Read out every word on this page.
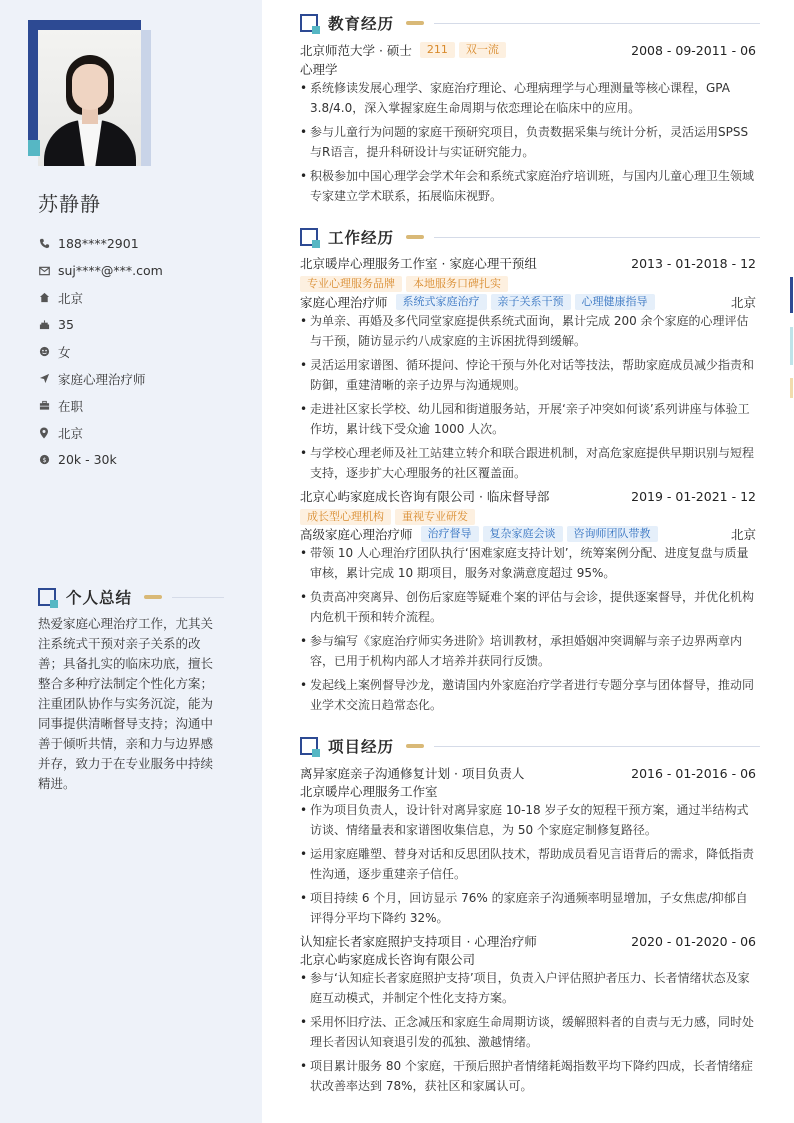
苏静静
188****2901
suj****@***.com
北京
35
女
家庭心理治疗师
在职
北京
$ 20k - 30k
个人总结
热爱家庭心理治疗工作，尤其关注系统式干预对亲子关系的改善；具备扎实的临床功底，擅长整合多种疗法制定个性化方案；注重团队协作与实务沉淀，能为同事提供清晰督导支持；沟通中善于倾听共情，亲和力与边界感并存，致力于在专业服务中持续精进。
教育经历
北京师范大学 · 硕士	211	双一流	2008 - 09-2011 - 06
心理学
• 系统修读发展心理学、家庭治疗理论、心理病理学与心理测量等核心课程，GPA 3.8/4.0，深入掌握家庭生命周期与依恋理论在临床中的应用。
• 参与儿童行为问题的家庭干预研究项目，负责数据采集与统计分析，灵活运用SPSS与R语言，提升科研设计与实证研究能力。
• 积极参加中国心理学会学术年会和系统式家庭治疗培训班，与国内儿童心理卫生领域专家建立学术联系，拓展临床视野。
工作经历
北京暖岸心理服务工作室 · 家庭心理干预组	2013 - 01-2018 - 12
专业心理服务品牌	本地服务口碑扎实
家庭心理治疗师	系统式家庭治疗	亲子关系干预	心理健康指导	北京
• 为单亲、再婚及多代同堂家庭提供系统式面询，累计完成 200 余个家庭的心理评估与干预，随访显示约八成家庭的主诉困扰得到缓解。
• 灵活运用家谱图、循环提问、悖论干预与外化对话等技法，帮助家庭成员减少指责和防御，重建清晰的亲子边界与沟通规则。
• 走进社区家长学校、幼儿园和街道服务站，开展‘亲子冲突如何谈’系列讲座与体验工作坊，累计线下受众逾 1000 人次。
• 与学校心理老师及社工站建立转介和联合跟进机制，对高危家庭提供早期识别与短程支持，逐步扩大心理服务的社区覆盖面。
北京心屿家庭成长咨询有限公司 · 临床督导部	2019 - 01-2021 - 12
成长型心理机构	重视专业研发
高级家庭心理治疗师	治疗督导	复杂家庭会谈	咨询师团队带教	北京
• 带领 10 人心理治疗团队执行‘困难家庭支持计划’，统筹案例分配、进度复盘与质量审核，累计完成 10 期项目，服务对象满意度超过 95%。
• 负责高冲突离异、创伤后家庭等疑难个案的评估与会诊，提供逐案督导，并优化机构内危机干预和转介流程。
• 参与编写《家庭治疗师实务进阶》培训教材，承担婚姻冲突调解与亲子边界两章内容，已用于机构内部人才培养并获同行反馈。
• 发起线上案例督导沙龙，邀请国内外家庭治疗学者进行专题分享与团体督导，推动同业学术交流日趋常态化。
项目经历
离异家庭亲子沟通修复计划 · 项目负责人	2016 - 01-2016 - 06
北京暖岸心理服务工作室
• 作为项目负责人，设计针对离异家庭 10-18 岁子女的短程干预方案，通过半结构式访谈、情绪量表和家谱图收集信息，为 50 个家庭定制修复路径。
• 运用家庭雕塑、替身对话和反思团队技术，帮助成员看见言语背后的需求，降低指责性沟通，逐步重建亲子信任。
• 项目持续 6 个月，回访显示 76% 的家庭亲子沟通频率明显增加，子女焦虑/抑郁自评得分平均下降约 32%。
认知症长者家庭照护支持项目 · 心理治疗师	2020 - 01-2020 - 06
北京心屿家庭成长咨询有限公司
• 参与‘认知症长者家庭照护支持’项目，负责入户评估照护者压力、长者情绪状态及家庭互动模式，并制定个性化支持方案。
• 采用怀旧疗法、正念减压和家庭生命周期访谈，缓解照料者的自责与无力感，同时处理长者因认知衰退引发的孤独、激越情绪。
• 项目累计服务 80 个家庭，干预后照护者情绪耗竭指数平均下降约四成，长者情绪症状改善率达到 78%，获社区和家属认可。
